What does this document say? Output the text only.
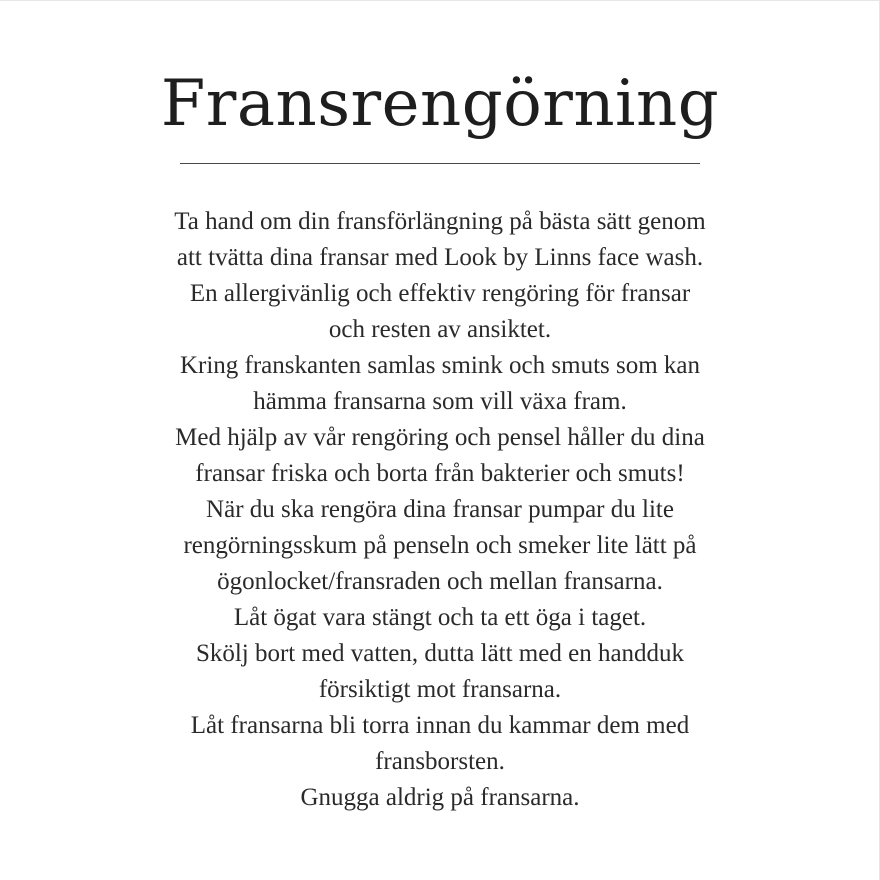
Fransrengörning
Ta hand om din fransförlängning på bästa sätt genom
att tvätta dina fransar med Look by Linns face wash.
En allergivänlig och effektiv rengöring för fransar
och resten av ansiktet.
Kring franskanten samlas smink och smuts som kan
hämma fransarna som vill växa fram.
Med hjälp av vår rengöring och pensel håller du dina
fransar friska och borta från bakterier och smuts!
När du ska rengöra dina fransar pumpar du lite
rengörningsskum på penseln och smeker lite lätt på
ögonlocket/fransraden och mellan fransarna.
Låt ögat vara stängt och ta ett öga i taget.
Skölj bort med vatten, dutta lätt med en handduk
försiktigt mot fransarna.
Låt fransarna bli torra innan du kammar dem med
fransborsten.
Gnugga aldrig på fransarna.
